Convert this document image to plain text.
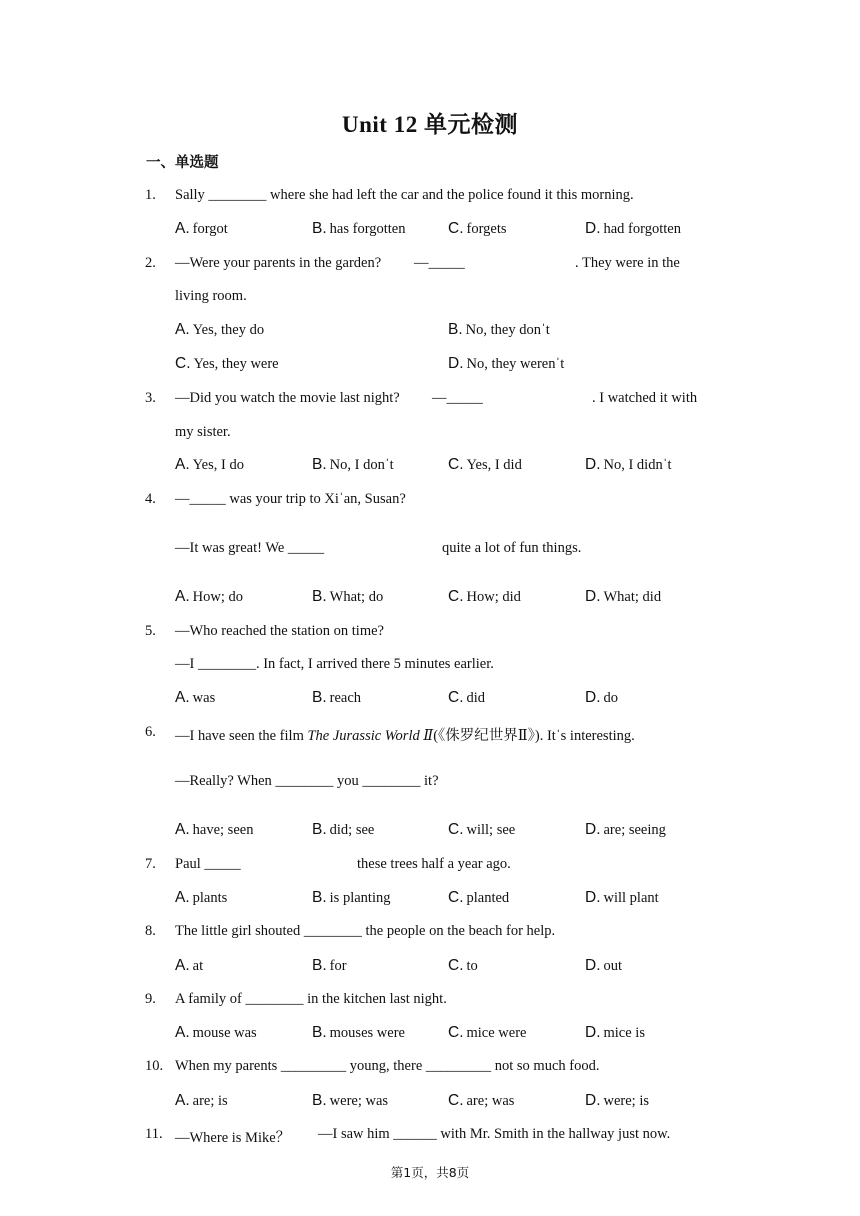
Unit 12 单元检测
一、单选题
1. Sally ________ where she had left the car and the police found it this morning.
A. forgot	B. has forgotten	C. forgets	D. had forgotten
2. —Were your parents in the garden? —_____	. They were in the
living room.
A. Yes, they do	B. No, they donˈt
C. Yes, they were	D. No, they werenˈt
3. —Did you watch the movie last night? —_____	. I watched it with
my sister.
A. Yes, I do	B. No, I donˈt	C. Yes, I did	D. No, I didnˈt
4. —_____ was your trip to Xiˈan, Susan?
—It was great! We _____	quite a lot of fun things.
A. How; do	B. What; do	C. How; did	D. What; did
5. —Who reached the station on time?
—I ________. In fact, I arrived there 5 minutes earlier.
A. was	B. reach	C. did	D. do
6. —I have seen the film The Jurassic World Ⅱ(《侏罗纪世界Ⅱ》). Itˈs interesting.
—Really? When ________ you ________ it?
A. have; seen	B. did; see	C. will; see	D. are; seeing
7. Paul _____	these trees half a year ago.
A. plants	B. is planting	C. planted	D. will plant
8. The little girl shouted ________ the people on the beach for help.
A. at	B. for	C. to	D. out
9. A family of ________ in the kitchen last night.
A. mouse was	B. mouses were	C. mice were	D. mice is
10. When my parents _________ young, there _________ not so much food.
A. are; is	B. were; was	C. are; was	D. were; is
11. —Where is Mike？ —I saw him ______ with Mr. Smith in the hallway just now.
第1页，共8页
